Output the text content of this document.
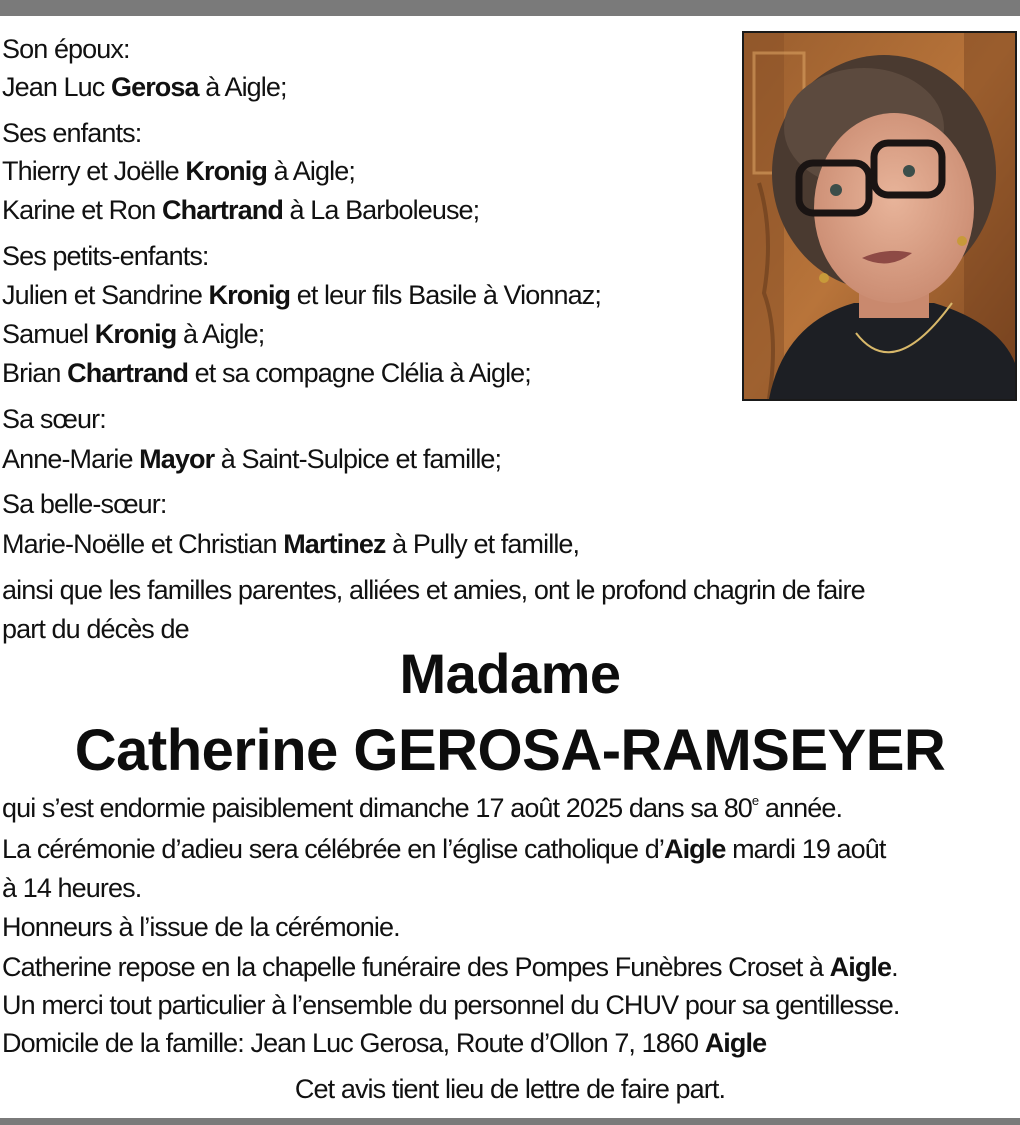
Son époux:
Jean Luc Gerosa à Aigle;
Ses enfants:
Thierry et Joëlle Kronig à Aigle;
Karine et Ron Chartrand à La Barboleuse;
Ses petits-enfants:
Julien et Sandrine Kronig et leur fils Basile à Vionnaz;
Samuel Kronig à Aigle;
Brian Chartrand et sa compagne Clélia à Aigle;
Sa sœur:
Anne-Marie Mayor à Saint-Sulpice et famille;
Sa belle-sœur:
Marie-Noëlle et Christian Martinez à Pully et famille,
ainsi que les familles parentes, alliées et amies, ont le profond chagrin de faire
part du décès de
Madame
Catherine GEROSA-RAMSEYER
qui s’est endormie paisiblement dimanche 17 août 2025 dans sa 80e année.
La cérémonie d’adieu sera célébrée en l’église catholique d’Aigle mardi 19 août
à 14 heures.
Honneurs à l’issue de la cérémonie.
Catherine repose en la chapelle funéraire des Pompes Funèbres Croset à Aigle.
Un merci tout particulier à l’ensemble du personnel du CHUV pour sa gentillesse.
Domicile de la famille: Jean Luc Gerosa, Route d’Ollon 7, 1860 Aigle
Cet avis tient lieu de lettre de faire part.
